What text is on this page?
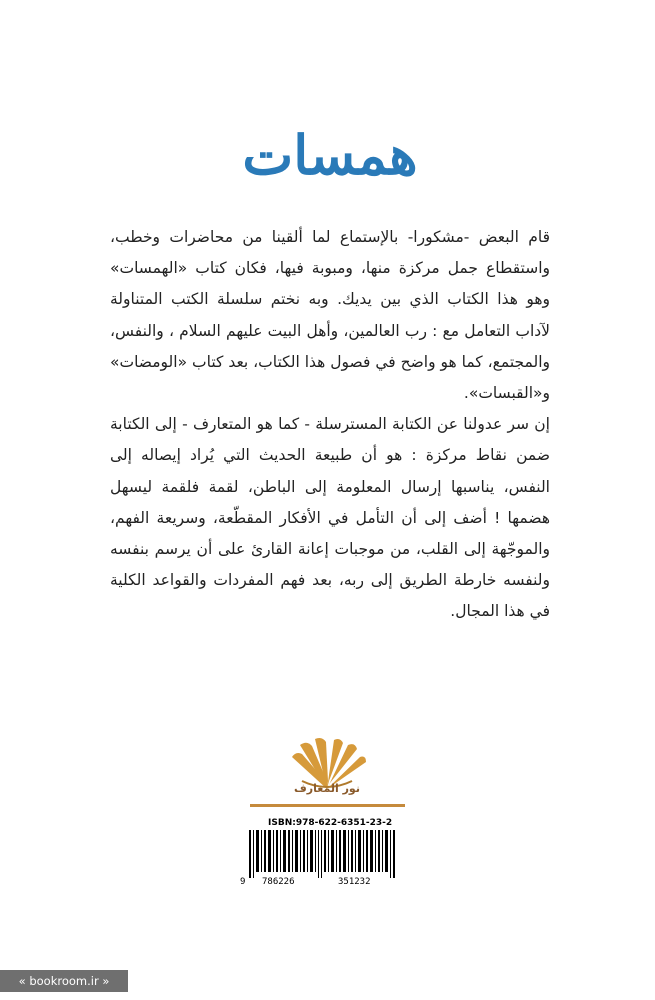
همسات

قام البعض -مشكورا- بالإستماع لما ألقينا من محاضرات وخطب، واستقطاع جمل مركزة منها، ومبوبة فيها، فكان كتاب «الهمسات» وهو هذا الكتاب الذي بين يديك. وبه نختم سلسلة الكتب المتناولة لآداب التعامل مع : رب العالمين، وأهل البيت عليهم السلام ، والنفس، والمجتمع، كما هو واضح في فصول هذا الكتاب، بعد كتاب «الومضات» و«القبسات».

إن سر عدولنا عن الكتابة المسترسلة - كما هو المتعارف - إلى الكتابة ضمن نقاط مركزة : هو أن طبيعة الحديث التي يُراد إيصاله إلى النفس، يناسبها إرسال المعلومة إلى الباطن، لقمة فلقمة ليسهل هضمها ! أضف إلى أن التأمل في الأفكار المقطّعة، وسريعة الفهم، والموجّهة إلى القلب، من موجبات إعانة القارئ على أن يرسم بنفسه ولنفسه خارطة الطريق إلى ربه، بعد فهم المفردات والقواعد الكلية في هذا المجال.

نور المعارف
ISBN:978-622-6351-23-2
9 786226	351232
« bookroom.ir »
